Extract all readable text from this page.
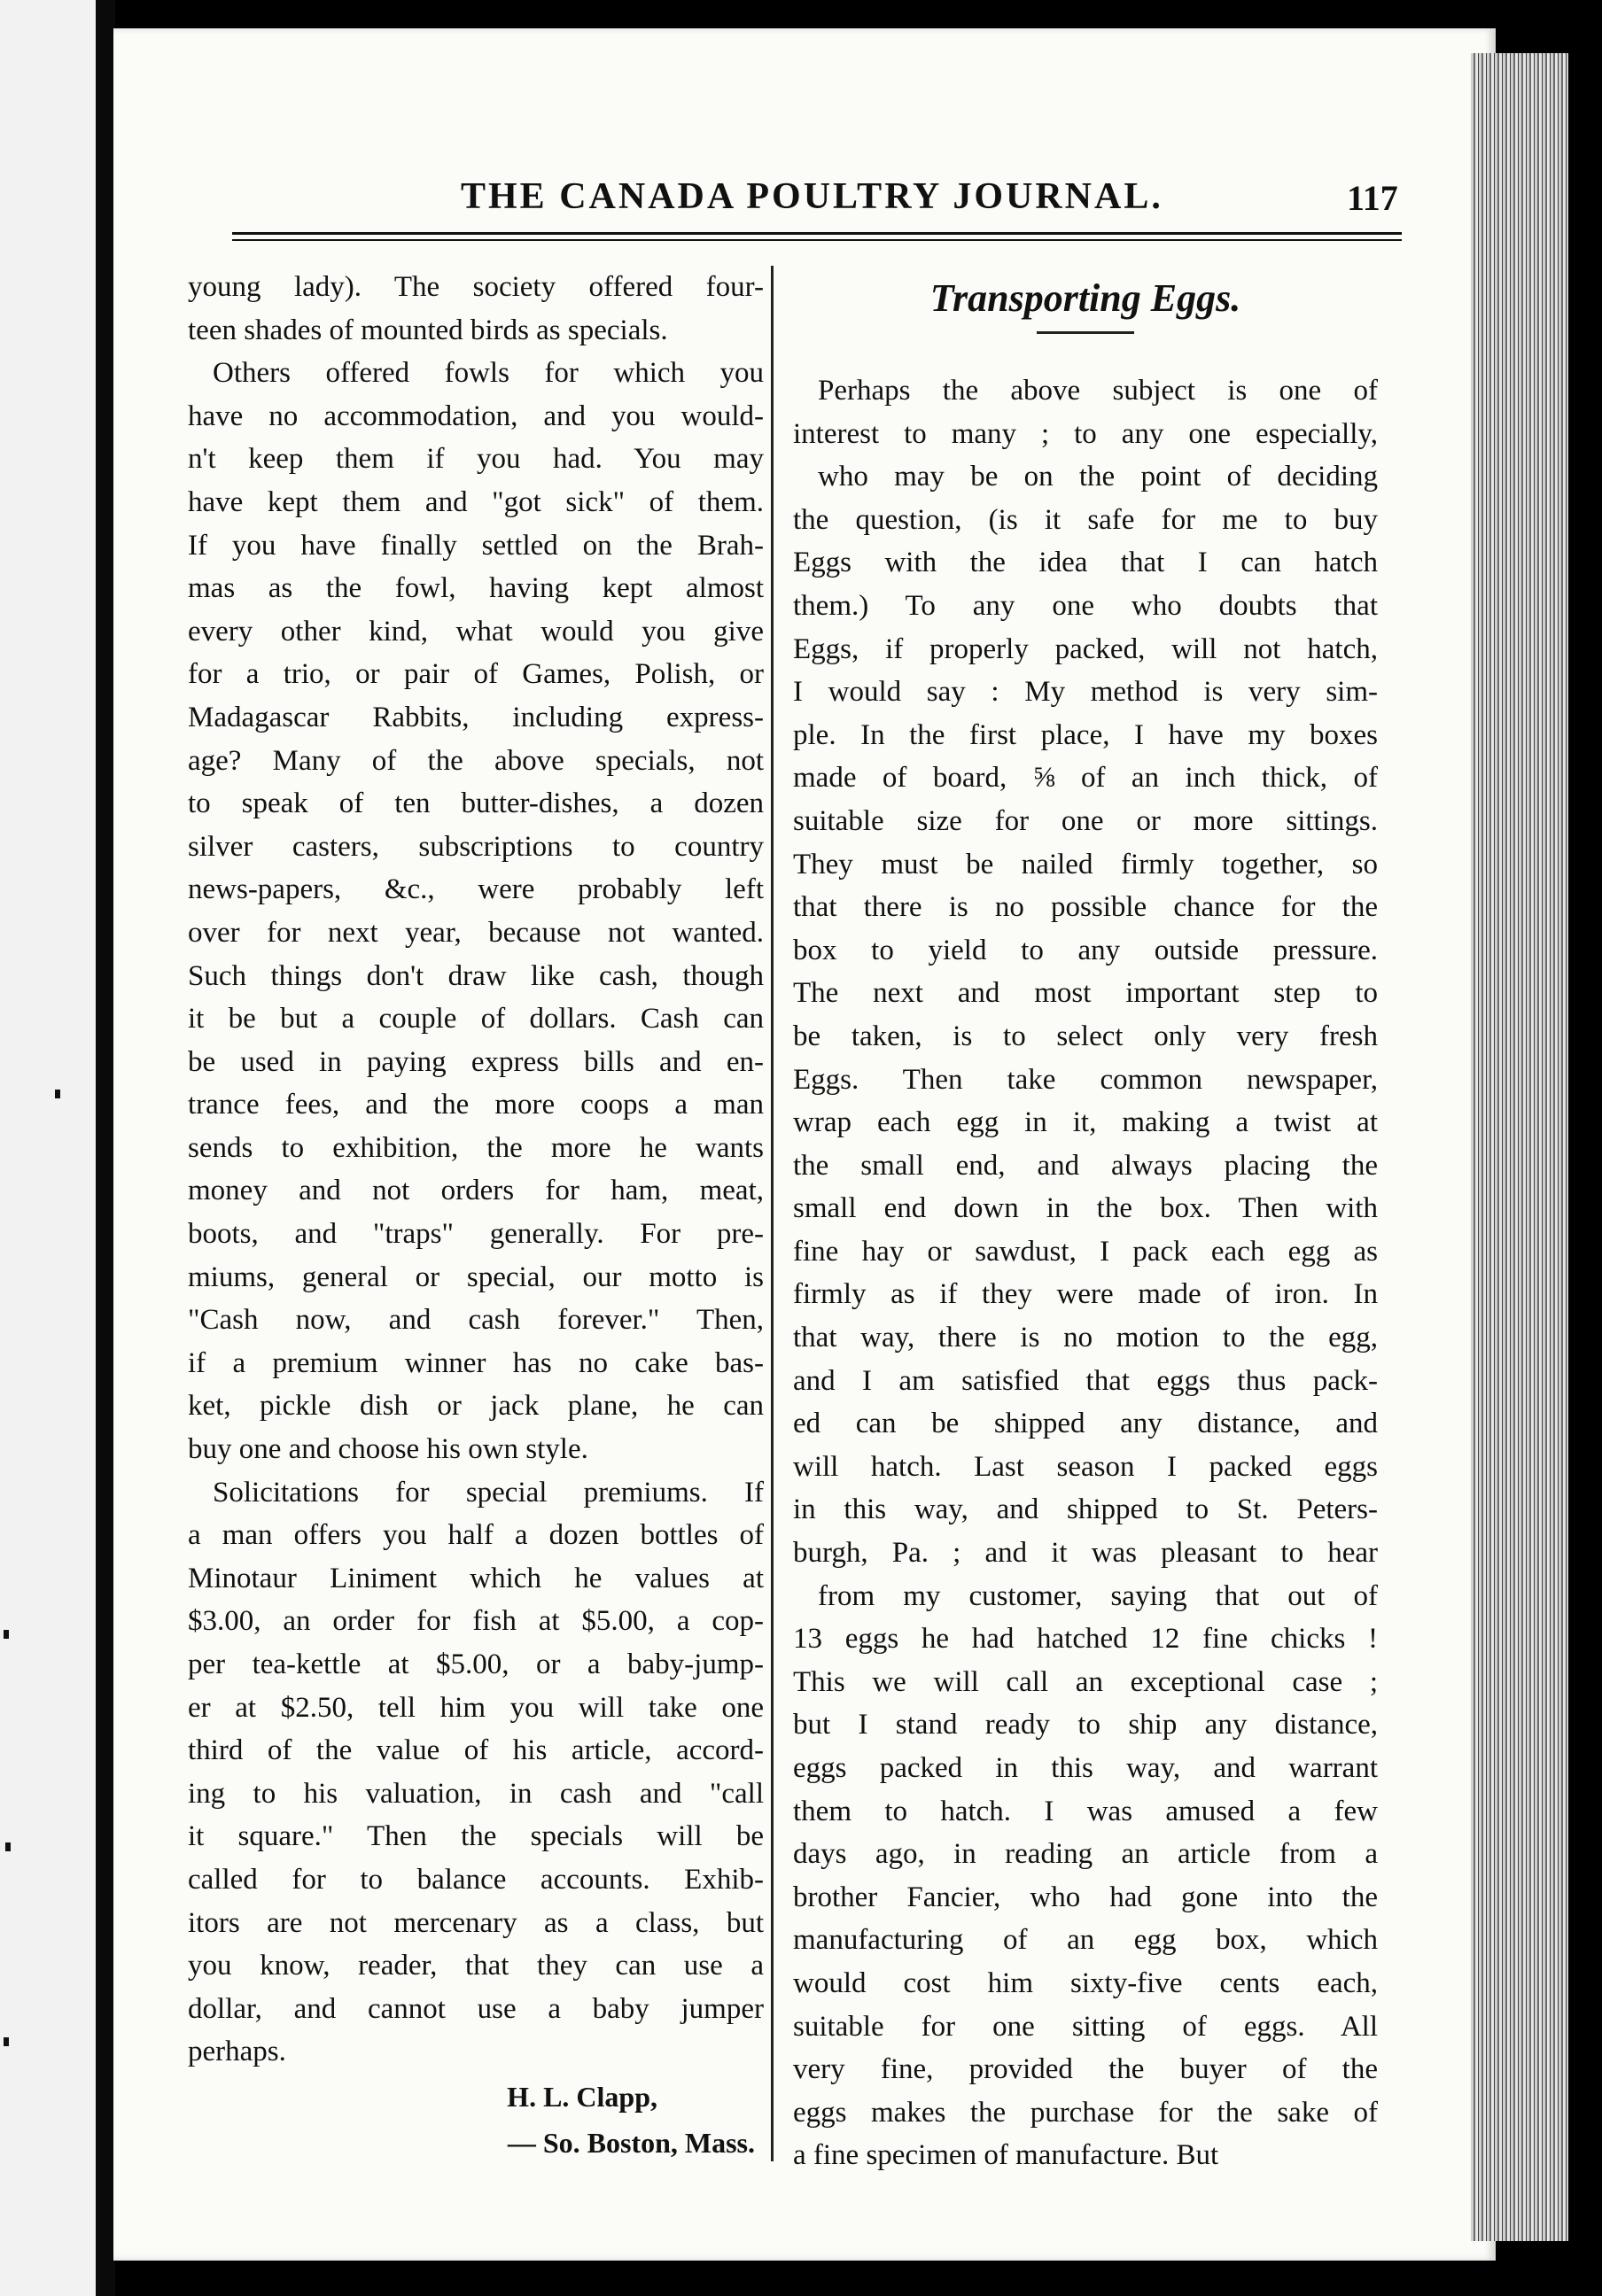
THE CANADA POULTRY JOURNAL.	117
young lady). The society offered four-
teen shades of mounted birds as specials.
Others offered fowls for which you
have no accommodation, and you would-
n't keep them if you had. You may
have kept them and "got sick" of them.
If you have finally settled on the Brah-
mas as the fowl, having kept almost
every other kind, what would you give
for a trio, or pair of Games, Polish, or
Madagascar Rabbits, including express-
age? Many of the above specials, not
to speak of ten butter-dishes, a dozen
silver casters, subscriptions to country
news-papers, &c., were probably left
over for next year, because not wanted.
Such things don't draw like cash, though
it be but a couple of dollars. Cash can
be used in paying express bills and en-
trance fees, and the more coops a man
sends to exhibition, the more he wants
money and not orders for ham, meat,
boots, and "traps" generally. For pre-
miums, general or special, our motto is
"Cash now, and cash forever." Then,
if a premium winner has no cake bas-
ket, pickle dish or jack plane, he can
buy one and choose his own style.
Solicitations for special premiums. If
a man offers you half a dozen bottles of
Minotaur Liniment which he values at
$3.00, an order for fish at $5.00, a cop-
per tea-kettle at $5.00, or a baby-jump-
er at $2.50, tell him you will take one
third of the value of his article, accord-
ing to his valuation, in cash and "call
it square." Then the specials will be
called for to balance accounts. Exhib-
itors are not mercenary as a class, but
you know, reader, that they can use a
dollar, and cannot use a baby jumper
perhaps.
H. L. Clapp,
— So. Boston, Mass.
Transporting Eggs.
Perhaps the above subject is one of
interest to many ; to any one especially,
who may be on the point of deciding
the question, (is it safe for me to buy
Eggs with the idea that I can hatch
them.) To any one who doubts that
Eggs, if properly packed, will not hatch,
I would say : My method is very sim-
ple. In the first place, I have my boxes
made of board, ⅝ of an inch thick, of
suitable size for one or more sittings.
They must be nailed firmly together, so
that there is no possible chance for the
box to yield to any outside pressure.
The next and most important step to
be taken, is to select only very fresh
Eggs. Then take common newspaper,
wrap each egg in it, making a twist at
the small end, and always placing the
small end down in the box. Then with
fine hay or sawdust, I pack each egg as
firmly as if they were made of iron. In
that way, there is no motion to the egg,
and I am satisfied that eggs thus pack-
ed can be shipped any distance, and
will hatch. Last season I packed eggs
in this way, and shipped to St. Peters-
burgh, Pa. ; and it was pleasant to hear
from my customer, saying that out of
13 eggs he had hatched 12 fine chicks !
This we will call an exceptional case ;
but I stand ready to ship any distance,
eggs packed in this way, and warrant
them to hatch. I was amused a few
days ago, in reading an article from a
brother Fancier, who had gone into the
manufacturing of an egg box, which
would cost him sixty-five cents each,
suitable for one sitting of eggs. All
very fine, provided the buyer of the
eggs makes the purchase for the sake of
a fine specimen of manufacture. But
